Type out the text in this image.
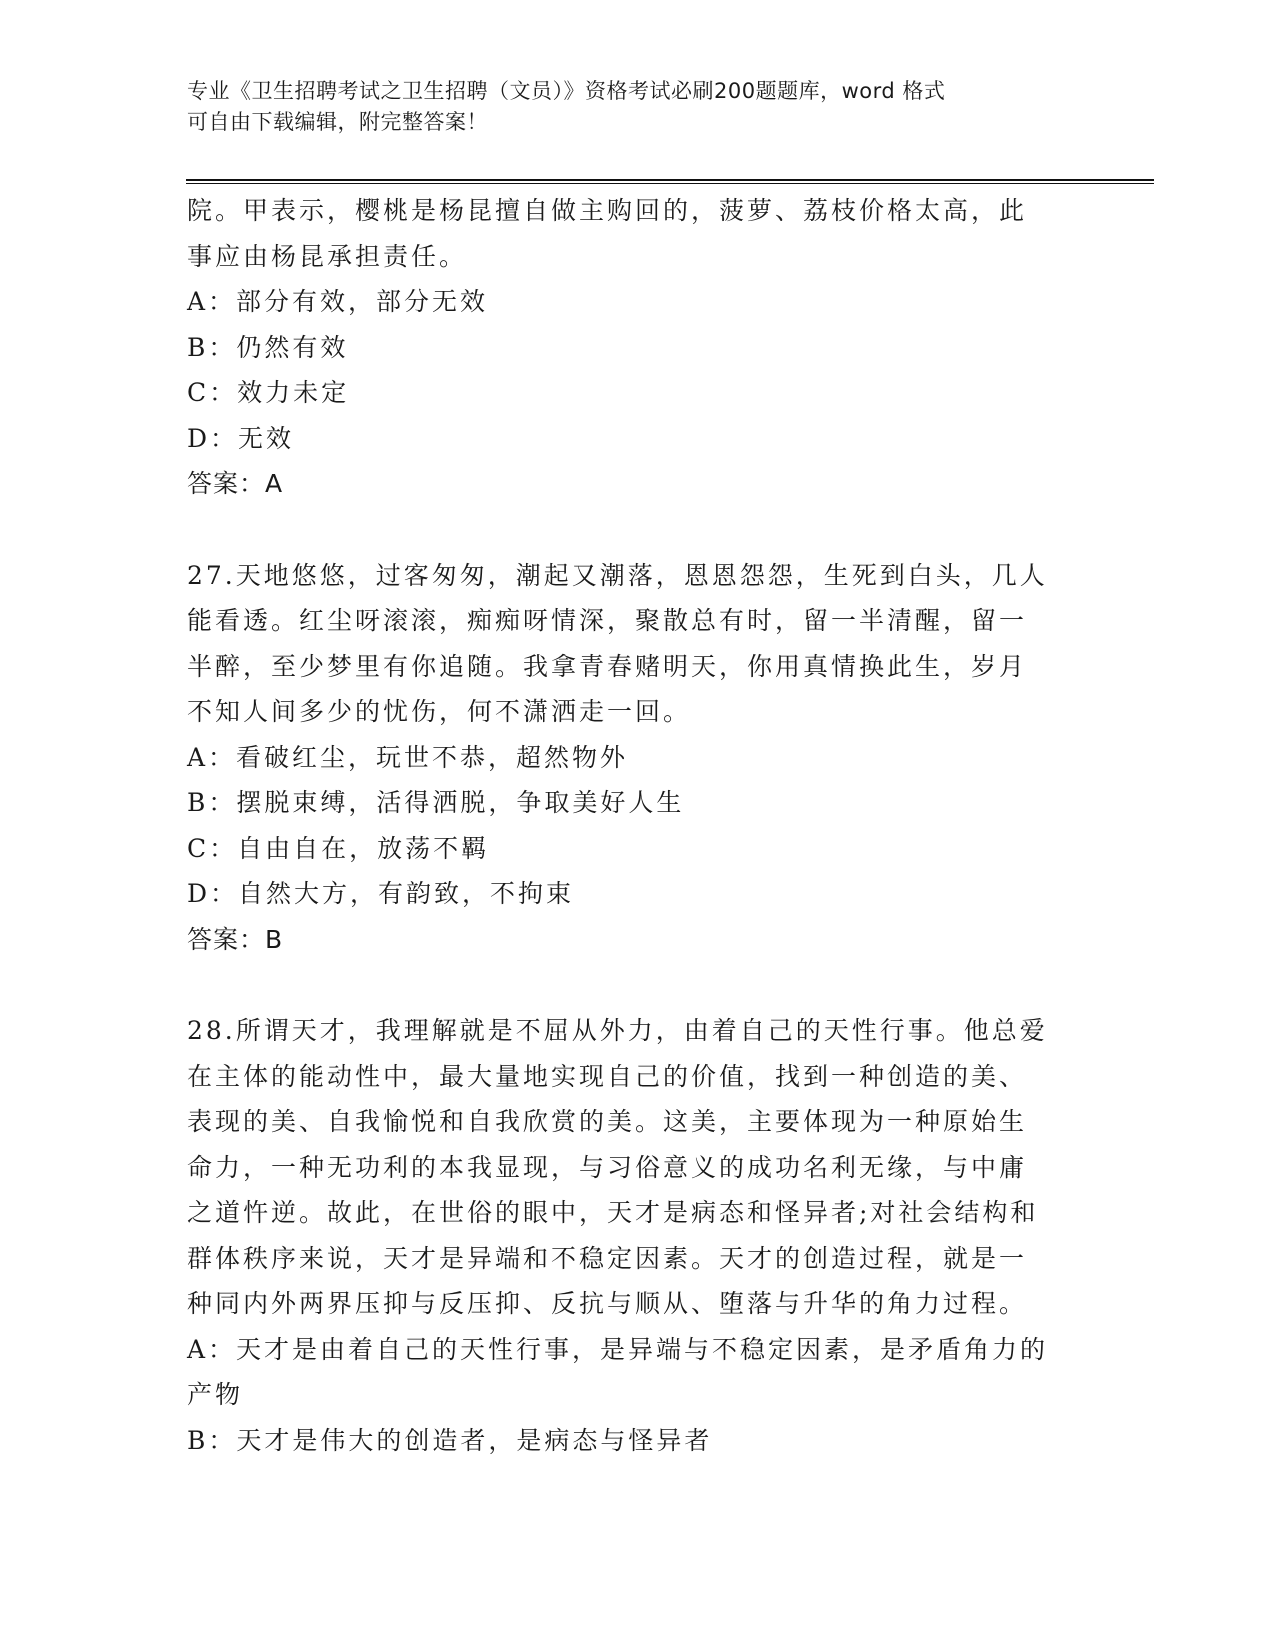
专业《卫生招聘考试之卫生招聘（文员）》资格考试必刷200题题库，word 格式
可自由下载编辑，附完整答案！

院。甲表示，樱桃是杨昆擅自做主购回的，菠萝、荔枝价格太高，此

事应由杨昆承担责任。

A：部分有效，部分无效

B：仍然有效

C：效力未定

D：无效

答案：A

27.天地悠悠，过客匆匆，潮起又潮落，恩恩怨怨，生死到白头，几人

能看透。红尘呀滚滚，痴痴呀情深，聚散总有时，留一半清醒，留一

半醉，至少梦里有你追随。我拿青春赌明天，你用真情换此生，岁月

不知人间多少的忧伤，何不潇洒走一回。

A：看破红尘，玩世不恭，超然物外

B：摆脱束缚，活得洒脱，争取美好人生

C：自由自在，放荡不羁

D：自然大方，有韵致，不拘束

答案：B

28.所谓天才，我理解就是不屈从外力，由着自己的天性行事。他总爱

在主体的能动性中，最大量地实现自己的价值，找到一种创造的美、

表现的美、自我愉悦和自我欣赏的美。这美，主要体现为一种原始生

命力，一种无功利的本我显现，与习俗意义的成功名利无缘，与中庸

之道忤逆。故此，在世俗的眼中，天才是病态和怪异者;对社会结构和

群体秩序来说，天才是异端和不稳定因素。天才的创造过程，就是一

种同内外两界压抑与反压抑、反抗与顺从、堕落与升华的角力过程。

A：天才是由着自己的天性行事，是异端与不稳定因素，是矛盾角力的

产物

B：天才是伟大的创造者，是病态与怪异者
